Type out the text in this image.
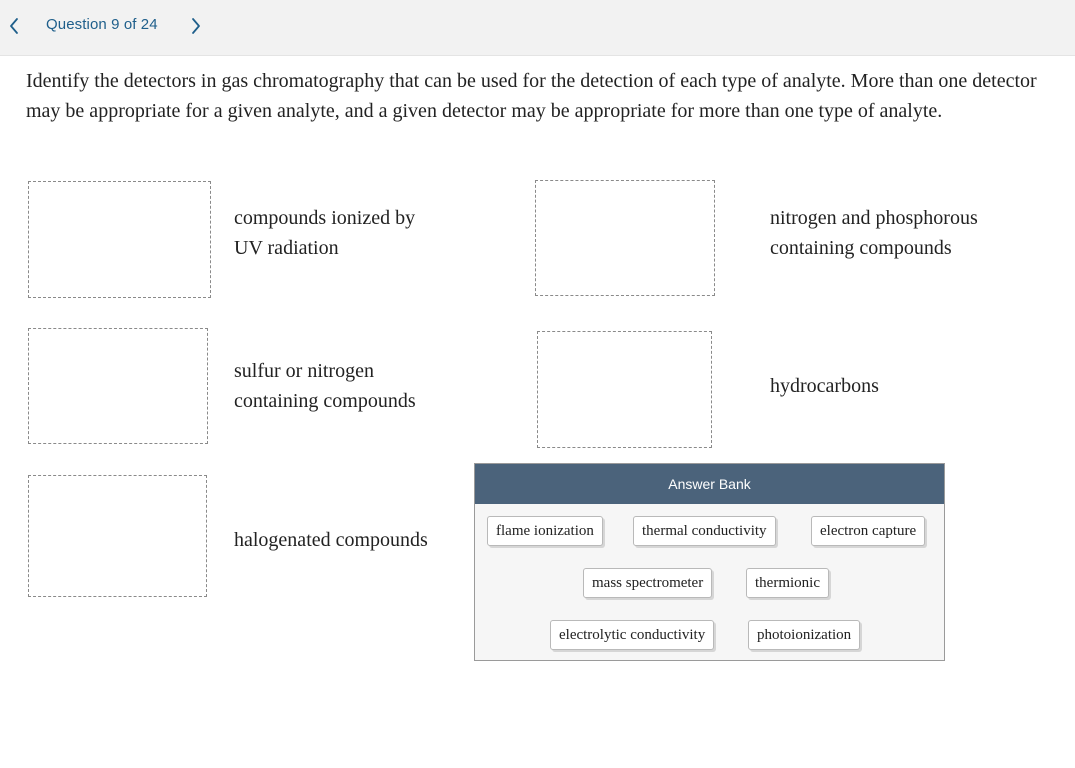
Question 9 of 24
Identify the detectors in gas chromatography that can be used for the detection of each type of analyte. More than one detector may be appropriate for a given analyte, and a given detector may be appropriate for more than one type of analyte.
compounds ionized by
UV radiation
nitrogen and phosphorous
containing compounds
sulfur or nitrogen
containing compounds
hydrocarbons
halogenated compounds
Answer Bank
flame ionization	thermal conductivity	electron capture
mass spectrometer	thermionic
electrolytic conductivity	photoionization
